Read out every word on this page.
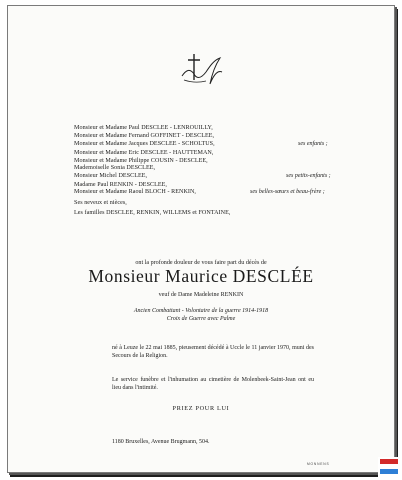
Monsieur et Madame Paul DESCLEE - LENROUILLY,
Monsieur et Madame Fernand GOFFINET - DESCLEE,
Monsieur et Madame Jacques DESCLEE - SCHOLTUS,	ses enfants ;
Monsieur et Madame Eric DESCLEE - HAUTTEMAN,
Monsieur et Madame Philippe COUSIN - DESCLEE,
Mademoiselle Sonia DESCLEE,
Monsieur Michel DESCLEE,	ses petits-enfants ;
Madame Paul RENKIN - DESCLEE,
Monsieur et Madame Raoul BLOCH - RENKIN,	ses belles-sœurs et beau-frère ;
Ses neveux et nièces,
Les familles DESCLEE, RENKIN, WILLEMS et FONTAINE,
ont la profonde douleur de vous faire part du décès de
Monsieur Maurice DESCLÉE
veuf de Dame Madeleine RENKIN
Ancien Combattant - Volontaire de la guerre 1914-1918
Croix de Guerre avec Palme
né à Leuze le 22 mai 1885, pieusement décédé à Uccle le 11 janvier 1970, muni des Secours de la Religion.
Le service funèbre et l'inhumation au cimetière de Molenbeek-Saint-Jean ont eu lieu dans l'intimité.
PRIEZ POUR LUI
1180 Bruxelles, Avenue Brugmann, 504.
MONNENS
